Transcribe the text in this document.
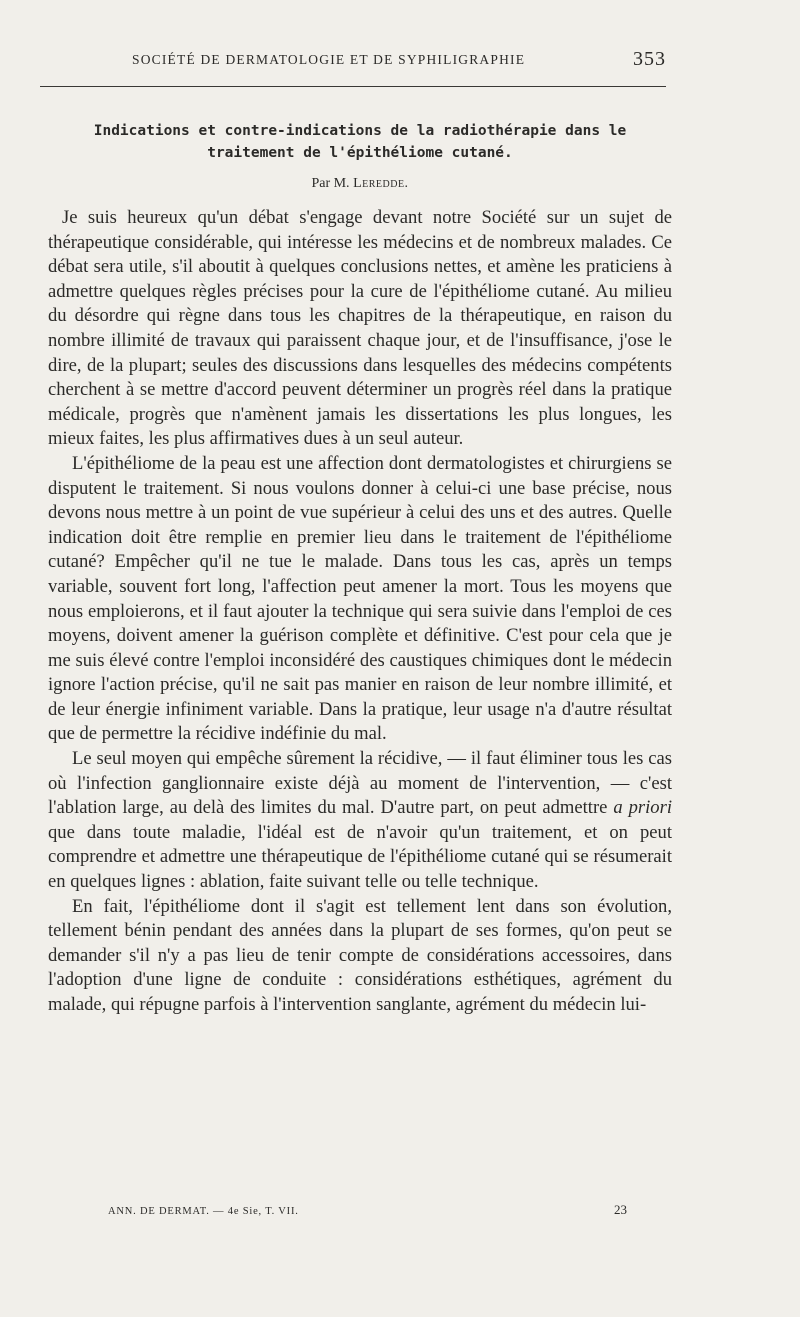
SOCIÉTÉ DE DERMATOLOGIE ET DE SYPHILIGRAPHIE	353
Indications et contre-indications de la radiothérapie dans le
traitement de l'épithéliome cutané.
Par M. Leredde.

Je suis heureux qu'un débat s'engage devant notre Société sur un sujet de thérapeutique considérable, qui intéresse les médecins et de nombreux malades. Ce débat sera utile, s'il aboutit à quelques conclusions nettes, et amène les praticiens à admettre quelques règles précises pour la cure de l'épithéliome cutané. Au milieu du désordre qui règne dans tous les chapitres de la thérapeutique, en raison du nombre illimité de travaux qui paraissent chaque jour, et de l'insuffisance, j'ose le dire, de la plupart; seules des discussions dans lesquelles des médecins compétents cherchent à se mettre d'accord peuvent déterminer un progrès réel dans la pratique médicale, progrès que n'amènent jamais les dissertations les plus longues, les mieux faites, les plus affirmatives dues à un seul auteur.

L'épithéliome de la peau est une affection dont dermatologistes et chirurgiens se disputent le traitement. Si nous voulons donner à celui-ci une base précise, nous devons nous mettre à un point de vue supérieur à celui des uns et des autres. Quelle indication doit être remplie en premier lieu dans le traitement de l'épithéliome cutané? Empêcher qu'il ne tue le malade. Dans tous les cas, après un temps variable, souvent fort long, l'affection peut amener la mort. Tous les moyens que nous emploierons, et il faut ajouter la technique qui sera suivie dans l'emploi de ces moyens, doivent amener la guérison complète et définitive. C'est pour cela que je me suis élevé contre l'emploi inconsidéré des caustiques chimiques dont le médecin ignore l'action précise, qu'il ne sait pas manier en raison de leur nombre illimité, et de leur énergie infiniment variable. Dans la pratique, leur usage n'a d'autre résultat que de permettre la récidive indéfinie du mal.

Le seul moyen qui empêche sûrement la récidive, — il faut éliminer tous les cas où l'infection ganglionnaire existe déjà au moment de l'intervention, — c'est l'ablation large, au delà des limites du mal. D'autre part, on peut admettre a priori que dans toute maladie, l'idéal est de n'avoir qu'un traitement, et on peut comprendre et admettre une thérapeutique de l'épithéliome cutané qui se résumerait en quelques lignes : ablation, faite suivant telle ou telle technique.

En fait, l'épithéliome dont il s'agit est tellement lent dans son évolution, tellement bénin pendant des années dans la plupart de ses formes, qu'on peut se demander s'il n'y a pas lieu de tenir compte de considérations accessoires, dans l'adoption d'une ligne de conduite : considérations esthétiques, agrément du malade, qui répugne parfois à l'intervention sanglante, agrément du médecin lui-

ANN. DE DERMAT. — 4e Sie, T. VII.	23
